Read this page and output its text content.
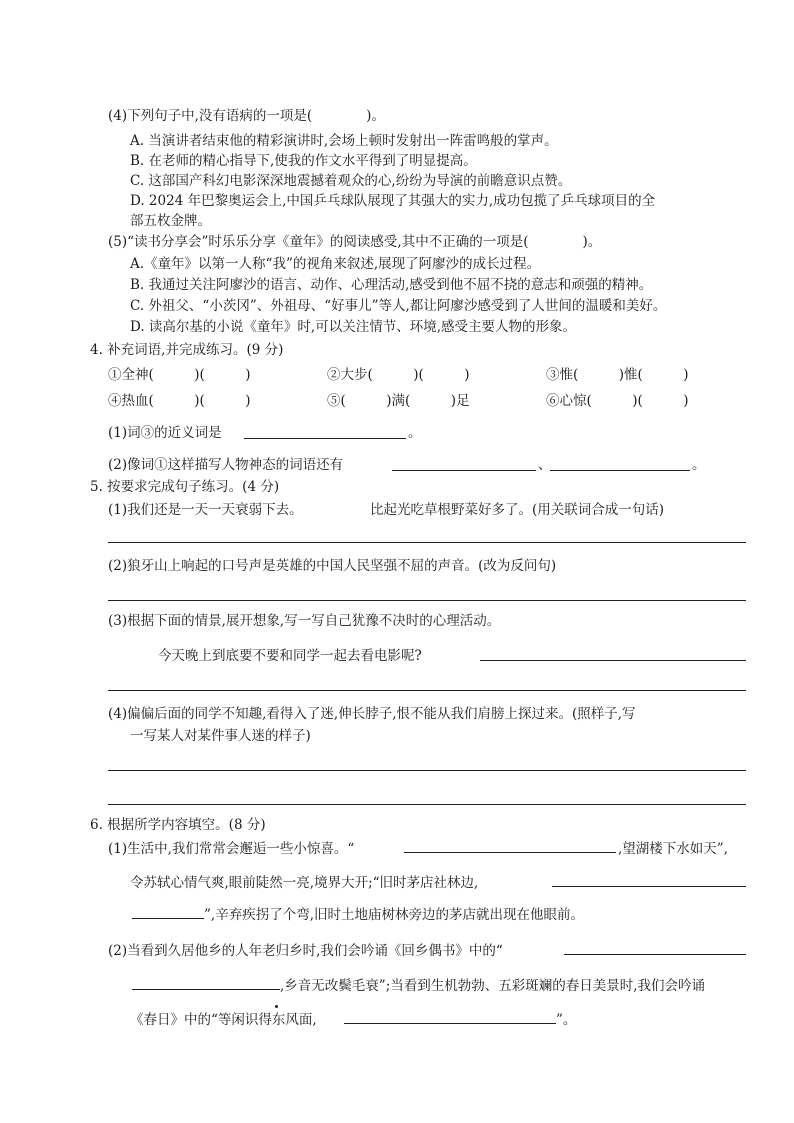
(4)下列句子中,没有语病的一项是(　　　　)。
A. 当演讲者结束他的精彩演讲时,会场上顿时发射出一阵雷鸣般的掌声。
B. 在老师的精心指导下,使我的作文水平得到了明显提高。
C. 这部国产科幻电影深深地震撼着观众的心,纷纷为导演的前瞻意识点赞。
D. 2024 年巴黎奥运会上,中国乒乓球队展现了其强大的实力,成功包揽了乒乓球项目的全
部五枚金牌。
(5)“读书分享会”时乐乐分享《童年》的阅读感受,其中不正确的一项是(　　　　)。
A.《童年》以第一人称“我”的视角来叙述,展现了阿廖沙的成长过程。
B. 我通过关注阿廖沙的语言、动作、心理活动,感受到他不屈不挠的意志和顽强的精神。
C. 外祖父、“小茨冈”、外祖母、“好事儿”等人,都让阿廖沙感受到了人世间的温暖和美好。
D. 读高尔基的小说《童年》时,可以关注情节、环境,感受主要人物的形象。
4. 补充词语,并完成练习。(9 分)
①全神(　　　)(　　　)	②大步(　　　)(　　　)	③惟(　　　)惟(　　　)
④热血(　　　)(　　　)	⑤(　　　)满(　　　)足	⑥心惊(　　　)(　　　)
(1)词③的近义词是	。
(2)像词①这样描写人物神态的词语还有	、	。
5. 按要求完成句子练习。(4 分)
(1)我们还是一天一天衰弱下去。	比起光吃草根野菜好多了。(用关联词合成一句话)
(2)狼牙山上响起的口号声是英雄的中国人民坚强不屈的声音。(改为反问句)
(3)根据下面的情景,展开想象,写一写自己犹豫不决时的心理活动。
今天晚上到底要不要和同学一起去看电影呢?
(4)偏偏后面的同学不知趣,看得入了迷,伸长脖子,恨不能从我们肩膀上探过来。(照样子,写
一写某人对某件事人迷的样子)
6. 根据所学内容填空。(8 分)
(1)生活中,我们常常会邂逅一些小惊喜。“	,望湖楼下水如天”,
令苏轼心情气爽,眼前陡然一亮,境界大开;“旧时茅店社林边,
”,辛弃疾拐了个弯,旧时土地庙树林旁边的茅店就出现在他眼前。
(2)当看到久居他乡的人年老归乡时,我们会吟诵《回乡偶书》中的“
,乡音无改鬓毛衰”;当看到生机勃勃、五彩斑斓的春日美景时,我们会吟诵
《春日》中的“等闲识得东风面,	”。
